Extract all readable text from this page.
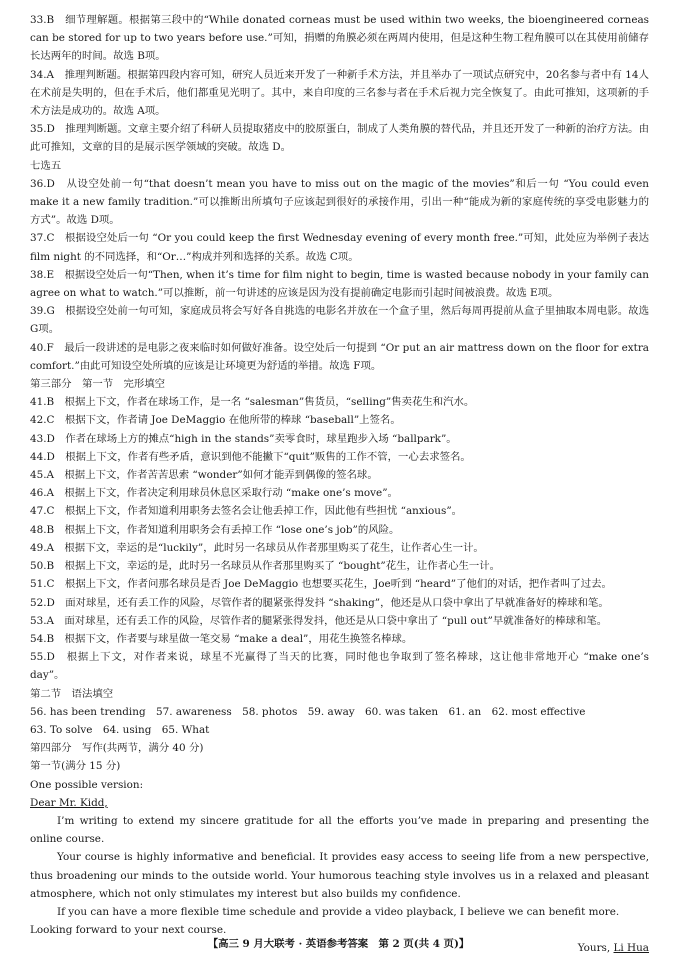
33.B　细节理解题。根据第三段中的“While donated corneas must be used within two weeks, the bioengineered corneas can be stored for up to two years before use.”可知，捐赠的角膜必须在两周内使用，但是这种生物工程角膜可以在其使用前储存长达两年的时间。故选 B项。

34.A　推理判断题。根据第四段内容可知，研究人员近来开发了一种新手术方法，并且举办了一项试点研究中，20名参与者中有 14人在术前是失明的，但在手术后，他们都重见光明了。其中，来自印度的三名参与者在手术后视力完全恢复了。由此可推知，这项新的手术方法是成功的。故选 A项。

35.D　推理判断题。文章主要介绍了科研人员提取猪皮中的胶原蛋白，制成了人类角膜的替代品，并且还开发了一种新的治疗方法。由此可推知，文章的目的是展示医学领域的突破。故选 D。

七选五

36.D　从设空处前一句“that doesn’t mean you have to miss out on the magic of the movies”和后一句 “You could even make it a new family tradition.”可以推断出所填句子应该起到很好的承接作用，引出一种“能成为新的家庭传统的享受电影魅力的方式”。故选 D项。

37.C　根据设空处后一句 “Or you could keep the first Wednesday evening of every month free.”可知，此处应为举例子表达 film night 的不同选择，和“Or…”构成并列和选择的关系。故选 C项。

38.E　根据设空处后一句“Then, when it’s time for film night to begin, time is wasted because nobody in your family can agree on what to watch.”可以推断，前一句讲述的应该是因为没有提前确定电影而引起时间被浪费。故选 E项。

39.G　根据设空处前一句可知，家庭成员将会写好各自挑选的电影名并放在一个盒子里，然后每周再提前从盒子里抽取本周电影。故选 G项。

40.F　最后一段讲述的是电影之夜来临时如何做好准备。设空处后一句提到 “Or put an air mattress down on the floor for extra comfort.”由此可知设空处所填的应该是让环境更为舒适的举措。故选 F项。

第三部分　第一节　完形填空

41.B　根据上下文，作者在球场工作，是一名 “salesman”售货员，“selling”售卖花生和汽水。

42.C　根据下文，作者请 Joe DeMaggio 在他所带的棒球 “baseball”上签名。

43.D　作者在球场上方的摊点“high in the stands”卖零食时，球星跑步入场 “ballpark”。

44.D　根据上下文，作者有些矛盾，意识到他不能撇下“quit”贩售的工作不管，一心去求签名。

45.A　根据上下文，作者苦苦思索 “wonder”如何才能弄到偶像的签名球。

46.A　根据上下文，作者决定利用球员休息区采取行动 “make one’s move”。

47.C　根据上下文，作者知道利用职务去签名会让他丢掉工作，因此他有些担忧 “anxious”。

48.B　根据上下文，作者知道利用职务会有丢掉工作 “lose one’s job”的风险。

49.A　根据下文，幸运的是“luckily”，此时另一名球员从作者那里购买了花生，让作者心生一计。

50.B　根据上下文，幸运的是，此时另一名球员从作者那里购买了 “bought”花生，让作者心生一计。

51.C　根据上下文，作者问那名球员是否 Joe DeMaggio 也想要买花生，Joe听到 “heard”了他们的对话，把作者叫了过去。

52.D　面对球星，还有丢工作的风险，尽管作者的腿紧张得发抖 “shaking”，他还是从口袋中拿出了早就准备好的棒球和笔。

53.A　面对球星，还有丢工作的风险，尽管作者的腿紧张得发抖，他还是从口袋中拿出了 “pull out”早就准备好的棒球和笔。

54.B　根据下文，作者要与球星做一笔交易 “make a deal”，用花生换签名棒球。

55.D　根据上下文，对作者来说，球星不光赢得了当天的比赛，同时他也争取到了签名棒球，这让他非常地开心 “make one’s day”。

第二节　语法填空

56. has been trending　57. awareness　58. photos　59. away　60. was taken　61. an　62. most effective

63. To solve　64. using　65. What

第四部分　写作(共两节，满分 40 分)

第一节(满分 15 分)

One possible version:

Dear Mr. Kidd,

I’m writing to extend my sincere gratitude for all the efforts you’ve made in preparing and presenting the online course.

Your course is highly informative and beneficial. It provides easy access to seeing life from a new perspective, thus broadening our minds to the outside world. Your humorous teaching style involves us in a relaxed and pleasant atmosphere, which not only stimulates my interest but also builds my confidence.

If you can have a more flexible time schedule and provide a video playback, I believe we can benefit more.

Looking forward to your next course.

Yours, Li Hua
【高三 9 月大联考 · 英语参考答案　第 2 页(共 4 页)】
